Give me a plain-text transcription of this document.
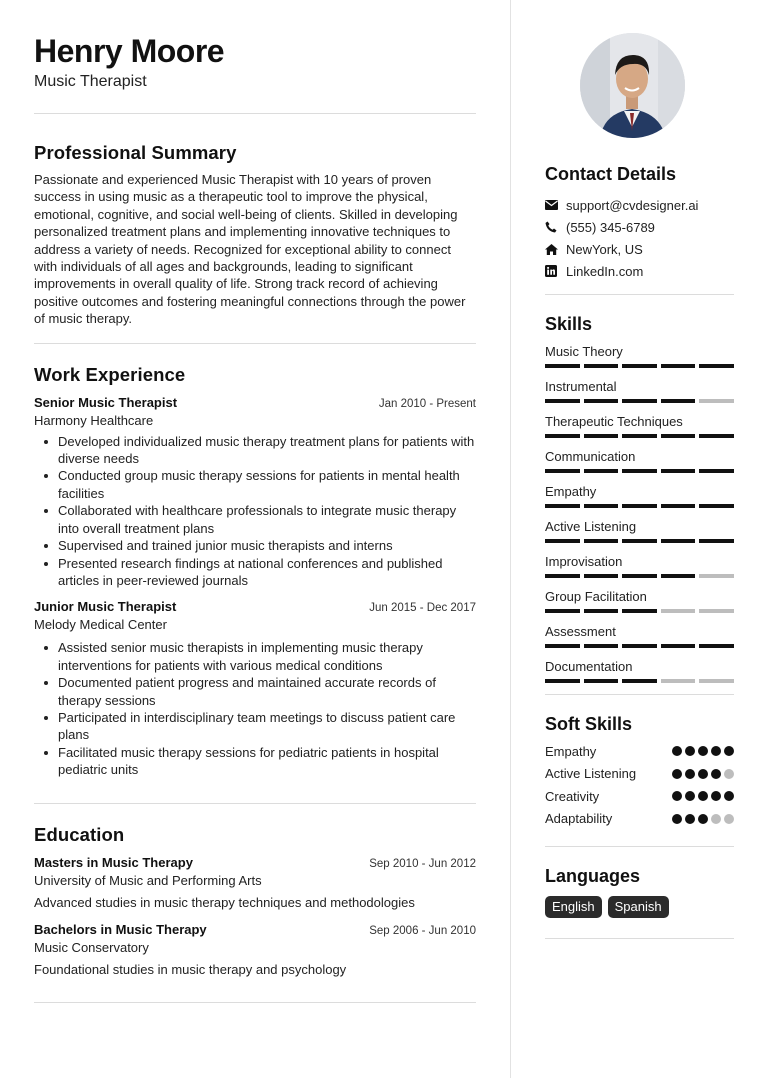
Henry Moore
Music Therapist
Professional Summary
Passionate and experienced Music Therapist with 10 years of proven success in using music as a therapeutic tool to improve the physical, emotional, cognitive, and social well-being of clients. Skilled in developing personalized treatment plans and implementing innovative techniques to address a variety of needs. Recognized for exceptional ability to connect with individuals of all ages and backgrounds, leading to significant improvements in overall quality of life. Strong track record of achieving positive outcomes and fostering meaningful connections through the power of music therapy.
Work Experience
Senior Music Therapist	Jan 2010 - Present
Harmony Healthcare
Developed individualized music therapy treatment plans for patients with diverse needs
Conducted group music therapy sessions for patients in mental health facilities
Collaborated with healthcare professionals to integrate music therapy into overall treatment plans
Supervised and trained junior music therapists and interns
Presented research findings at national conferences and published articles in peer-reviewed journals
Junior Music Therapist	Jun 2015 - Dec 2017
Melody Medical Center
Assisted senior music therapists in implementing music therapy interventions for patients with various medical conditions
Documented patient progress and maintained accurate records of therapy sessions
Participated in interdisciplinary team meetings to discuss patient care plans
Facilitated music therapy sessions for pediatric patients in hospital pediatric units
Education
Masters in Music Therapy	Sep 2010 - Jun 2012
University of Music and Performing Arts
Advanced studies in music therapy techniques and methodologies
Bachelors in Music Therapy	Sep 2006 - Jun 2010
Music Conservatory
Foundational studies in music therapy and psychology
Contact Details
support@cvdesigner.ai
(555) 345-6789
NewYork, US
LinkedIn.com
Skills
Music Theory
Instrumental
Therapeutic Techniques
Communication
Empathy
Active Listening
Improvisation
Group Facilitation
Assessment
Documentation
Soft Skills
Empathy
Active Listening
Creativity
Adaptability
Languages
English	Spanish
